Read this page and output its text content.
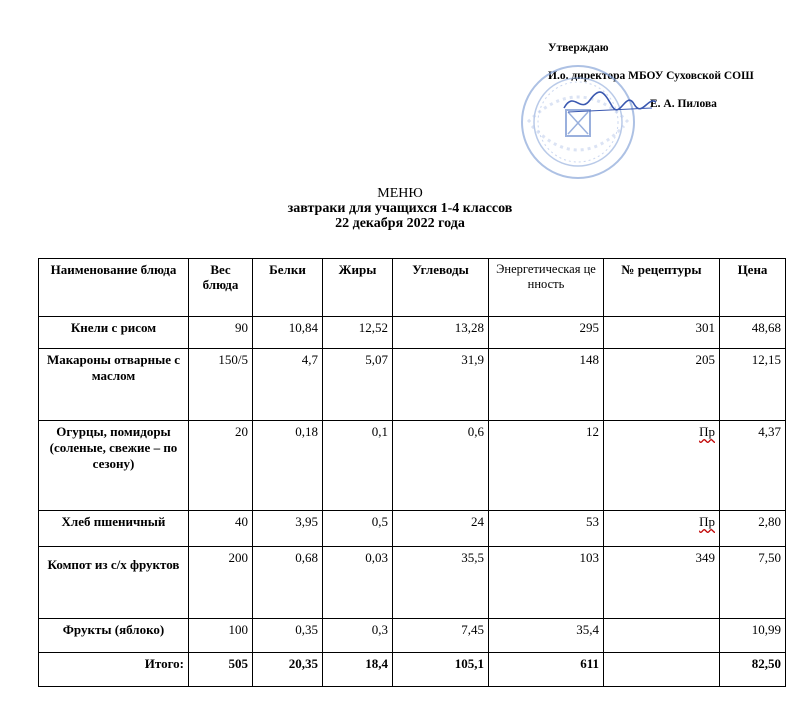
Утверждаю
И.о. директора МБОУ Суховской СОШ
Е. А. Пилова
МЕНЮ
завтраки для учащихся 1-4 классов
22 декабря 2022 года
Наименование блюда	Вес блюда	Белки	Жиры	Углеводы	Энергетическая ценность	№ рецептуры	Цена
Кнели с рисом	90	10,84	12,52	13,28	295	301	48,68
Макароны отварные с маслом	150/5	4,7	5,07	31,9	148	205	12,15
Огурцы, помидоры (соленые, свежие – по сезону)	20	0,18	0,1	0,6	12	Пр	4,37
Хлеб пшеничный	40	3,95	0,5	24	53	Пр	2,80
Компот из с/х фруктов	200	0,68	0,03	35,5	103	349	7,50
Фрукты (яблоко)	100	0,35	0,3	7,45	35,4		10,99
Итого:	505	20,35	18,4	105,1	611		82,50
